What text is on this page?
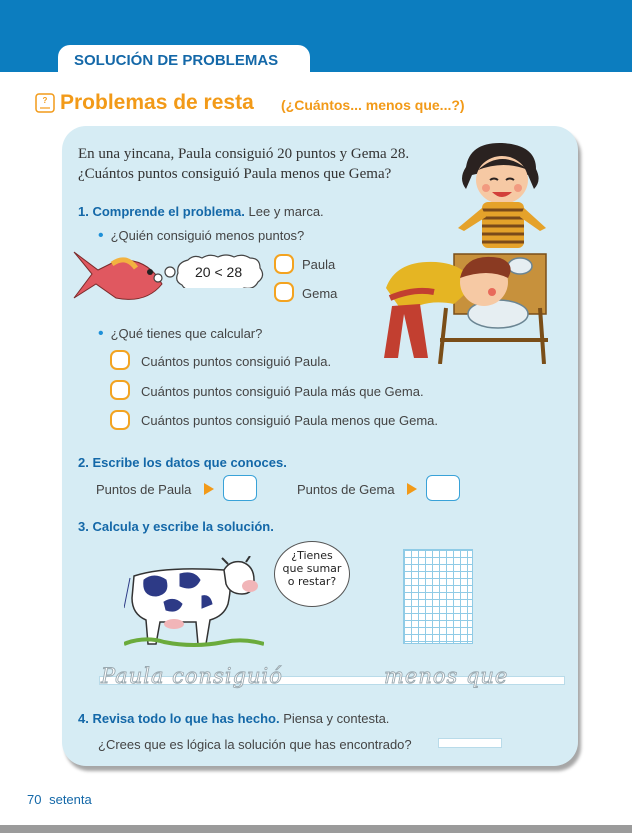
SOLUCIÓN DE PROBLEMAS
? Problemas de resta (¿Cuántos... menos que...?)
En una yincana, Paula consiguió 20 puntos y Gema 28.
¿Cuántos puntos consiguió Paula menos que Gema?
1. Comprende el problema. Lee y marca.
• ¿Quién consiguió menos puntos?
20 < 28	Paula
Gema
• ¿Qué tienes que calcular?
Cuántos puntos consiguió Paula.
Cuántos puntos consiguió Paula más que Gema.
Cuántos puntos consiguió Paula menos que Gema.
2. Escribe los datos que conoces.
Puntos de Paula	Puntos de Gema
3. Calcula y escribe la solución.
¿Tienes
que sumar
o restar?
Paula consiguió	menos que
4. Revisa todo lo que has hecho. Piensa y contesta.
¿Crees que es lógica la solución que has encontrado?
70 setenta
